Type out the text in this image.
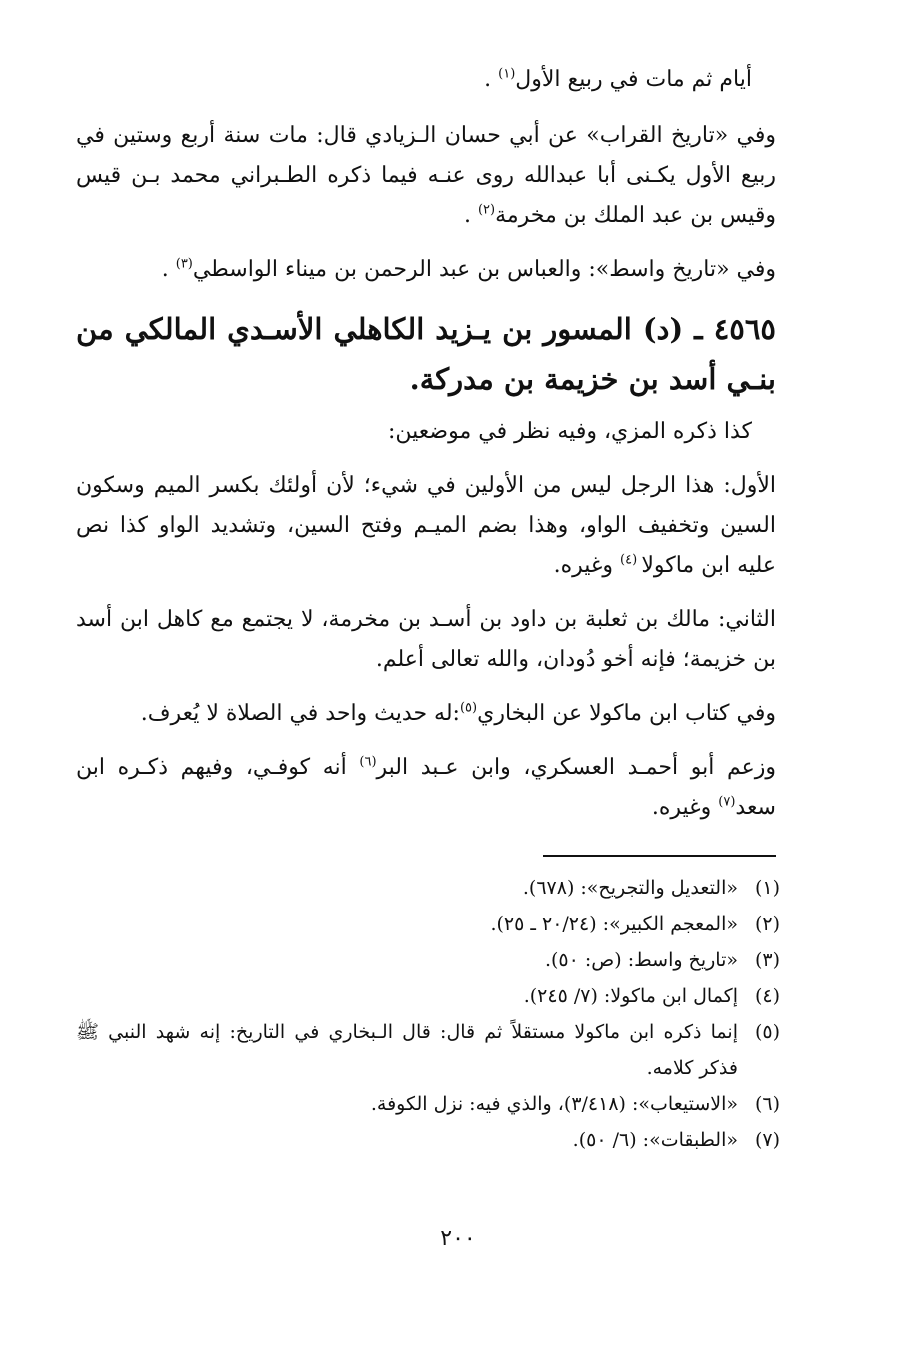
أيام ثم مات في ربيع الأول$^{(١)}$ .

وفي «تاريخ القراب» عن أبي حسان الـزيادي قال: مات سنة أربع وستين في ربيع الأول يكـنى أبا عبدالله روى عنـه فيما ذكره الطـبراني محمد بـن قيس وقيس بن عبد الملك بن مخرمة$^{(٢)}$ .

وفي «تاريخ واسط»: والعباس بن عبد الرحمن بن ميناء الواسطي$^{(٣)}$ .

٤٥٦٥ ـ (د) المسور بن يـزيد الكاهلي الأسـدي المالكي من بنـي أسد بن خزيمة بن مدركة.

كذا ذكره المزي، وفيه نظر في موضعين:

الأول: هذا الرجل ليس من الأولين في شيء؛ لأن أولئك بكسر الميم وسكون السين وتخفيف الواو، وهذا بضم الميـم وفتح السين، وتشديد الواو كذا نص عليه ابن ماكولا $^{(٤)}$ وغيره.

الثاني: مالك بن ثعلبة بن داود بن أسـد بن مخرمة، لا يجتمع مع كاهل ابن أسد بن خزيمة؛ فإنه أخو دُودان، والله تعالى أعلم.

وفي كتاب ابن ماكولا عن البخاري$^{(٥)}$:له حديث واحد في الصلاة لا يُعرف.

وزعم أبو أحمـد العسكري، وابن عـبد البر$^{(٦)}$ أنه كوفـي، وفيهم ذكـره ابن سعد$^{(٧)}$ وغيره.

(١)
«التعديل والتجريح»: (٦٧٨).
(٢)
«المعجم الكبير»: (٢٠/٢٤ ـ ٢٥).
(٣)
«تاريخ واسط: (ص: ٥٠).
(٤)
إكمال ابن ماكولا: (٧/ ٢٤٥).
(٥)
إنما ذكره ابن ماكولا مستقلاً ثم قال: قال الـبخاري في التاريخ: إنه شهد النبي ﷺ فذكر كلامه.
(٦)
«الاستيعاب»: (٣/٤١٨)، والذي فيه: نزل الكوفة.
(٧)
«الطبقات»: (٦/ ٥٠).
٢٠٠
